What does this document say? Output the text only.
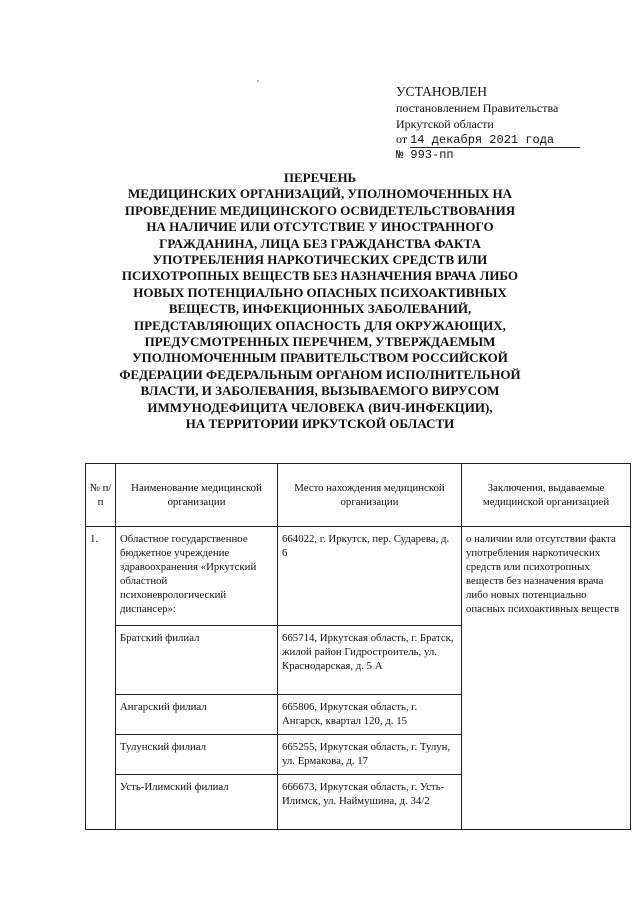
УСТАНОВЛЕН
постановлением Правительства
Иркутской области
от 14 декабря 2021 года
№ 993-пп
ПЕРЕЧЕНЬ
МЕДИЦИНСКИХ ОРГАНИЗАЦИЙ, УПОЛНОМОЧЕННЫХ НА
ПРОВЕДЕНИЕ МЕДИЦИНСКОГО ОСВИДЕТЕЛЬСТВОВАНИЯ
НА НАЛИЧИЕ ИЛИ ОТСУТСТВИЕ У ИНОСТРАННОГО
ГРАЖДАНИНА, ЛИЦА БЕЗ ГРАЖДАНСТВА ФАКТА
УПОТРЕБЛЕНИЯ НАРКОТИЧЕСКИХ СРЕДСТВ ИЛИ
ПСИХОТРОПНЫХ ВЕЩЕСТВ БЕЗ НАЗНАЧЕНИЯ ВРАЧА ЛИБО
НОВЫХ ПОТЕНЦИАЛЬНО ОПАСНЫХ ПСИХОАКТИВНЫХ
ВЕЩЕСТВ, ИНФЕКЦИОННЫХ ЗАБОЛЕВАНИЙ,
ПРЕДСТАВЛЯЮЩИХ ОПАСНОСТЬ ДЛЯ ОКРУЖАЮЩИХ,
ПРЕДУСМОТРЕННЫХ ПЕРЕЧНЕМ, УТВЕРЖДАЕМЫМ
УПОЛНОМОЧЕННЫМ ПРАВИТЕЛЬСТВОМ РОССИЙСКОЙ
ФЕДЕРАЦИИ ФЕДЕРАЛЬНЫМ ОРГАНОМ ИСПОЛНИТЕЛЬНОЙ
ВЛАСТИ, И ЗАБОЛЕВАНИЯ, ВЫЗЫВАЕМОГО ВИРУСОМ
ИММУНОДЕФИЦИТА ЧЕЛОВЕКА (ВИЧ-ИНФЕКЦИИ),
НА ТЕРРИТОРИИ ИРКУТСКОЙ ОБЛАСТИ
№ п/п	Наименование медицинской организации	Место нахождения медицинской организации	Заключения, выдаваемые медицинской организацией
1.	Областное государственное бюджетное учреждение здравоохранения «Иркутский областной психоневрологический диспансер»:	664022, г. Иркутск, пер. Сударева, д. 6	о наличии или отсутствии факта употребления наркотических средств или психотропных веществ без назначения врача либо новых потенциально опасных психоактивных веществ
	Братский филиал	665714, Иркутская область, г. Братск, жилой район Гидростроитель, ул. Краснодарская, д. 5 А	
	Ангарский филиал	665806, Иркутская область, г. Ангарск, квартал 120, д. 15	
	Тулунский филиал	665255, Иркутская область, г. Тулун, ул. Ермакова, д. 17	
	Усть-Илимский филиал	666673, Иркутская область, г. Усть-Илимск, ул. Наймушина, д. 34/2	
